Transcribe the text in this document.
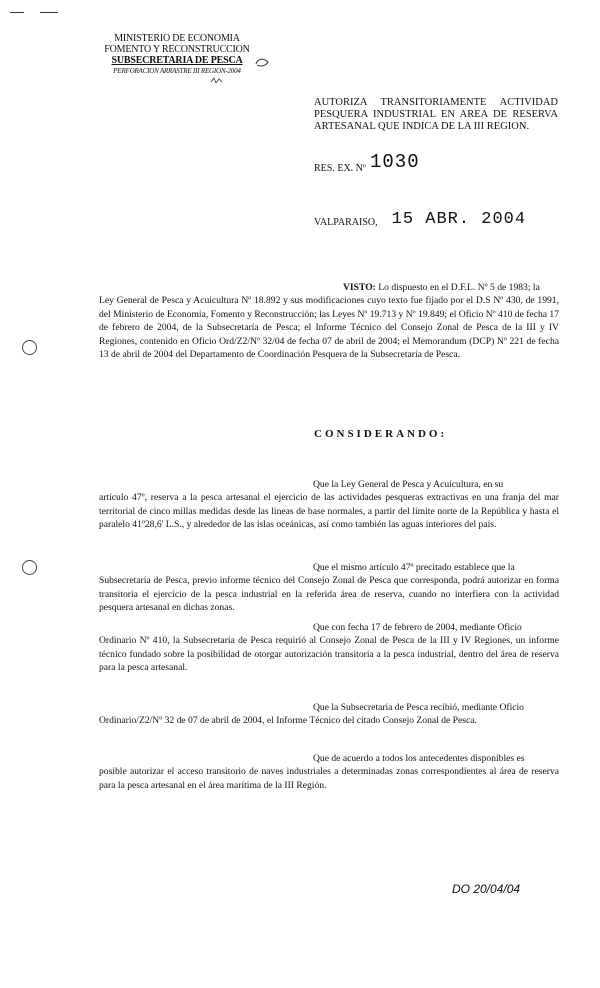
MINISTERIO DE ECONOMIA
FOMENTO Y RECONSTRUCCION
SUBSECRETARIA DE PESCA
PERFORACION ARRASTRE III REGION-2004
AUTORIZA TRANSITORIAMENTE ACTIVIDAD PESQUERA INDUSTRIAL EN AREA DE RESERVA ARTESANAL QUE INDICA DE LA III REGION.
RES. EX. Nº 1030
VALPARAISO, 15 ABR. 2004

VISTO: Lo dispuesto en el D.F.L. Nº 5 de 1983; la

Ley General de Pesca y Acuicultura Nº 18.892 y sus modificaciones cuyo texto fue fijado por el D.S Nº 430, de 1991, del Ministerio de Economía, Fomento y Reconstrucción; las Leyes Nº 19.713 y Nº 19.849; el Oficio Nº 410 de fecha 17 de febrero de 2004, de la Subsecretaría de Pesca; el Informe Técnico del Consejo Zonal de Pesca de la III y IV Regiones, contenido en Oficio Ord/Z2/Nº 32/04 de fecha 07 de abril de 2004; el Memorandum (DCP) Nº 221 de fecha 13 de abril de 2004 del Departamento de Coordinación Pesquera de la Subsecretaría de Pesca.

CONSIDERANDO:

Que la Ley General de Pesca y Acuicultura, en su

artículo 47º, reserva a la pesca artesanal el ejercicio de las actividades pesqueras extractivas en una franja del mar territorial de cinco millas medidas desde las líneas de base normales, a partir del límite norte de la República y hasta el paralelo 41º28,6' L.S., y alrededor de las islas oceánicas, así como también las aguas interiores del país.

Que el mismo artículo 47º precitado establece que la

Subsecretaría de Pesca, previo informe técnico del Consejo Zonal de Pesca que corresponda, podrá autorizar en forma transitoria el ejercicio de la pesca industrial en la referida área de reserva, cuando no interfiera con la actividad pesquera artesanal en dichas zonas.

Que con fecha 17 de febrero de 2004, mediante Oficio

Ordinario Nº 410, la Subsecretaría de Pesca requirió al Consejo Zonal de Pesca de la III y IV Regiones, un informe técnico fundado sobre la posibilidad de otorgar autorización transitoria a la pesca industrial, dentro del área de reserva para la pesca artesanal.

Que la Subsecretaría de Pesca recibió, mediante Oficio

Ordinario/Z2/Nº 32 de 07 de abril de 2004, el Informe Técnico del citado Consejo Zonal de Pesca.

Que de acuerdo a todos los antecedentes disponibles es

posible autorizar el acceso transitorio de naves industriales a determinadas zonas correspondientes al área de reserva para la pesca artesanal en el área marítima de la III Región.

DO 20/04/04
